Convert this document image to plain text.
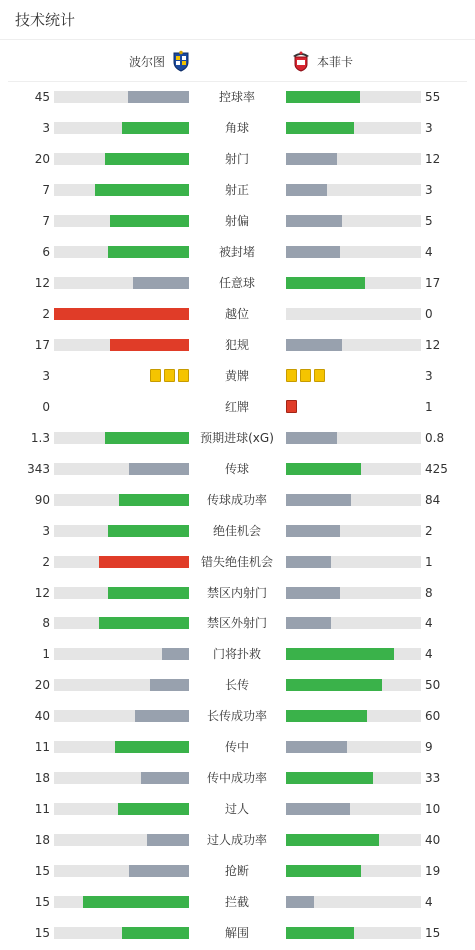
技术统计
波尔图	本菲卡
45	控球率	55
3	角球	3
20	射门	12
7	射正	3
7	射偏	5
6	被封堵	4
12	任意球	17
2	越位	0
17	犯规	12
3	黄牌	3
0	红牌	1
1.3	预期进球(xG)	0.8
343	传球	425
90	传球成功率	84
3	绝佳机会	2
2	错失绝佳机会	1
12	禁区内射门	8
8	禁区外射门	4
1	门将扑救	4
20	长传	50
40	长传成功率	60
11	传中	9
18	传中成功率	33
11	过人	10
18	过人成功率	40
15	抢断	19
15	拦截	4
15	解围	15
